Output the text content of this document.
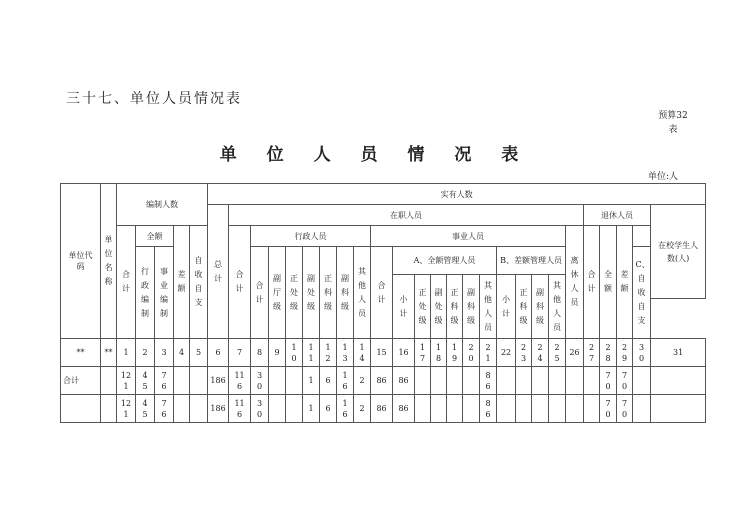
三十七、单位人员情况表
预算32表
单 位 人 员 情 况 表
单位:人
单位代码	单位名称	编制人数					实有人数																									
							总计	在职人员																				退休人员				在校学生人数(人)
		合计	全额		差额	自收自支		合计	行政人员							事业人员											离休人员	合计	全额	差额		
			行政编制	事业编制					合计	副厅级	正处级	副处级	正科级	副科级	其他人员	合计	A、全额管理人员						B、差额管理人员								C、自收自支	
																	小计	正处级	副处级	正科级	副科级	其他人员	小计	正科级	副科级	其他人员						

**	**	1	2	3	4	5	6	7	8	9	10	11	12	13	14	15	16	17	18	19	20	21	22	23	24	25	26	27	28	29	30	31
合计		121	45	76			186	116	30			1	6	16	2	86	86					86							70	70		
		121	45	76			186	116	30			1	6	16	2	86	86					86							70	70		
